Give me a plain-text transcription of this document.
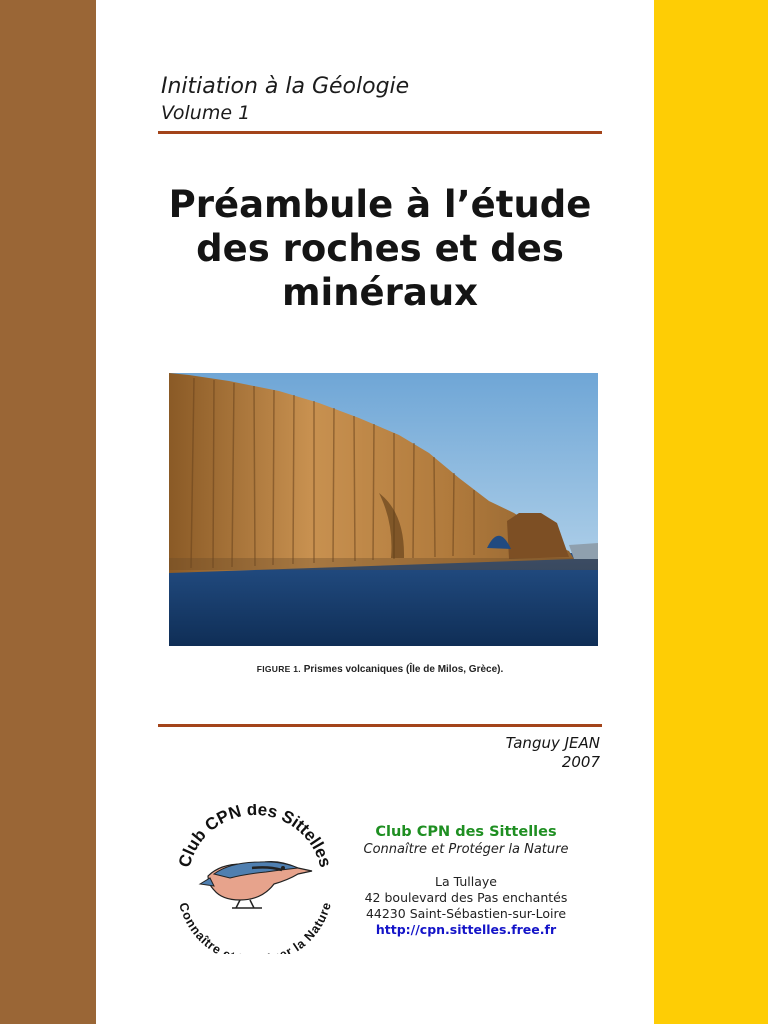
Initiation à la Géologie
Volume 1
Préambule à l’étude
des roches et des
minéraux
FIGURE 1. Prismes volcaniques (Île de Milos, Grèce).
Tanguy JEAN
2007
Club CPN des Sittelles
Connaître r la Nature
Club CPN des Sittelles
Connaître et Protéger la Nature
La Tullaye
42 boulevard des Pas enchantés
44230 Saint-Sébastien-sur-Loire
http://cpn.sittelles.free.fr
